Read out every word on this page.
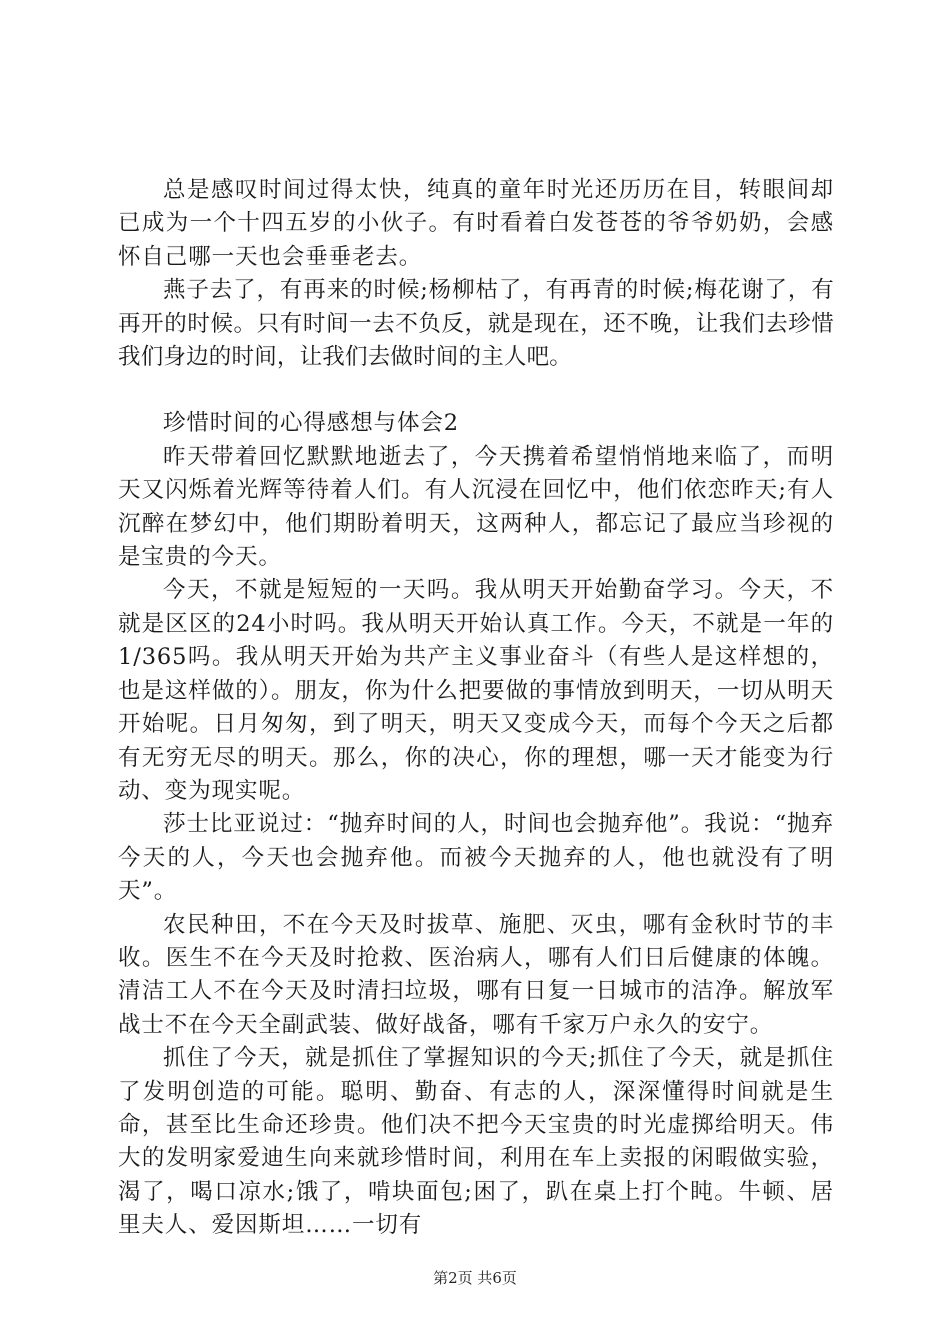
总是感叹时间过得太快，纯真的童年时光还历历在目，转眼间却已成为一个十四五岁的小伙子。有时看着白发苍苍的爷爷奶奶，会感怀自己哪一天也会垂垂老去。

燕子去了，有再来的时候;杨柳枯了，有再青的时候;梅花谢了，有再开的时候。只有时间一去不负反，就是现在，还不晚，让我们去珍惜我们身边的时间，让我们去做时间的主人吧。

珍惜时间的心得感想与体会2

昨天带着回忆默默地逝去了，今天携着希望悄悄地来临了，而明天又闪烁着光辉等待着人们。有人沉浸在回忆中，他们依恋昨天;有人沉醉在梦幻中，他们期盼着明天，这两种人，都忘记了最应当珍视的是宝贵的今天。

今天，不就是短短的一天吗。我从明天开始勤奋学习。今天，不就是区区的24小时吗。我从明天开始认真工作。今天，不就是一年的1/365吗。我从明天开始为共产主义事业奋斗（有些人是这样想的，也是这样做的）。朋友，你为什么把要做的事情放到明天，一切从明天开始呢。日月匆匆，到了明天，明天又变成今天，而每个今天之后都有无穷无尽的明天。那么，你的决心，你的理想，哪一天才能变为行动、变为现实呢。

莎士比亚说过：“抛弃时间的人，时间也会抛弃他”。我说：“抛弃今天的人，今天也会抛弃他。而被今天抛弃的人，他也就没有了明天”。

农民种田，不在今天及时拔草、施肥、灭虫，哪有金秋时节的丰收。医生不在今天及时抢救、医治病人，哪有人们日后健康的体魄。清洁工人不在今天及时清扫垃圾，哪有日复一日城市的洁净。解放军战士不在今天全副武装、做好战备，哪有千家万户永久的安宁。

抓住了今天，就是抓住了掌握知识的今天;抓住了今天，就是抓住了发明创造的可能。聪明、勤奋、有志的人，深深懂得时间就是生命，甚至比生命还珍贵。他们决不把今天宝贵的时光虚掷给明天。伟大的发明家爱迪生向来就珍惜时间，利用在车上卖报的闲暇做实验，渴了，喝口凉水;饿了，啃块面包;困了，趴在桌上打个盹。牛顿、居里夫人、爱因斯坦……一切有

第2页 共6页
